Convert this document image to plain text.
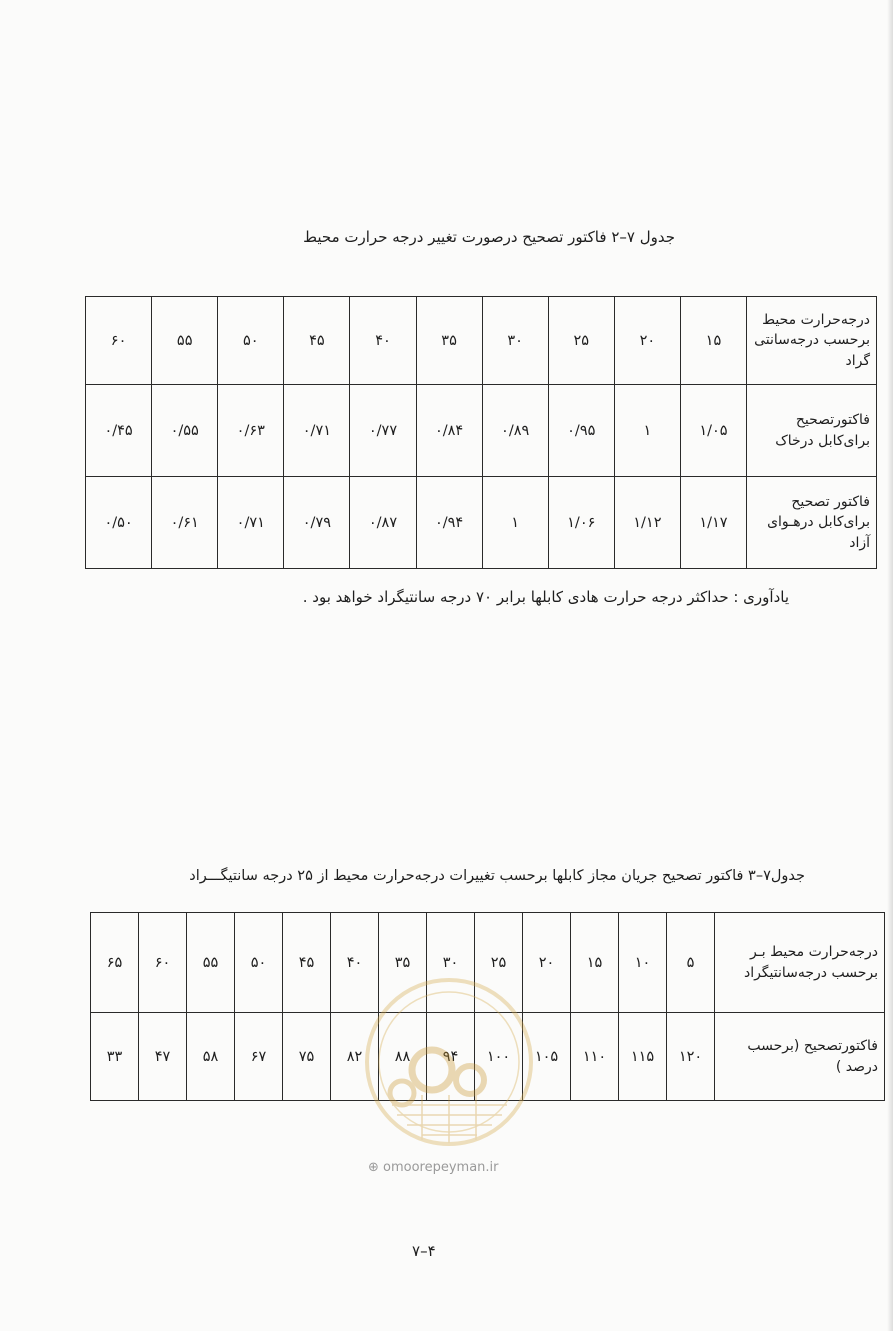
جدول ۷–۲ فاکتور تصحیح درصورت تغییر درجه حرارت محیط
درجه‌حرارت محیط برحسب درجه‌سانتی گراد	۱۵	۲۰	۲۵	۳۰	۳۵	۴۰	۴۵	۵۰	۵۵	۶۰
فاکتورتصحیح برای‌کابل درخاک	۱/۰۵	۱	۰/۹۵	۰/۸۹	۰/۸۴	۰/۷۷	۰/۷۱	۰/۶۳	۰/۵۵	۰/۴۵
فاکتور تصحیح برای‌کابل درهـوای آزاد	۱/۱۷	۱/۱۲	۱/۰۶	۱	۰/۹۴	۰/۸۷	۰/۷۹	۰/۷۱	۰/۶۱	۰/۵۰
یادآوری : حداکثر درجه حرارت هادی کابلها برابر ۷۰ درجه سانتیگراد خواهد بود .
جدول۷–۳ فاکتور تصحیح جریان مجاز کابلها برحسب تغییرات درجه‌حرارت محیط از ۲۵ درجه سانتیگـــراد
درجه‌حرارت محیط بـر برحسب درجه‌سانتیگراد	۵	۱۰	۱۵	۲۰	۲۵	۳۰	۳۵	۴۰	۴۵	۵۰	۵۵	۶۰	۶۵
فاکتورتصحیح (برحسب درصد )	۱۲۰	۱۱۵	۱۱۰	۱۰۵	۱۰۰	۹۴	۸۸	۸۲	۷۵	۶۷	۵۸	۴۷	۳۳
⊕ omoorepeyman.ir
۴–۷
